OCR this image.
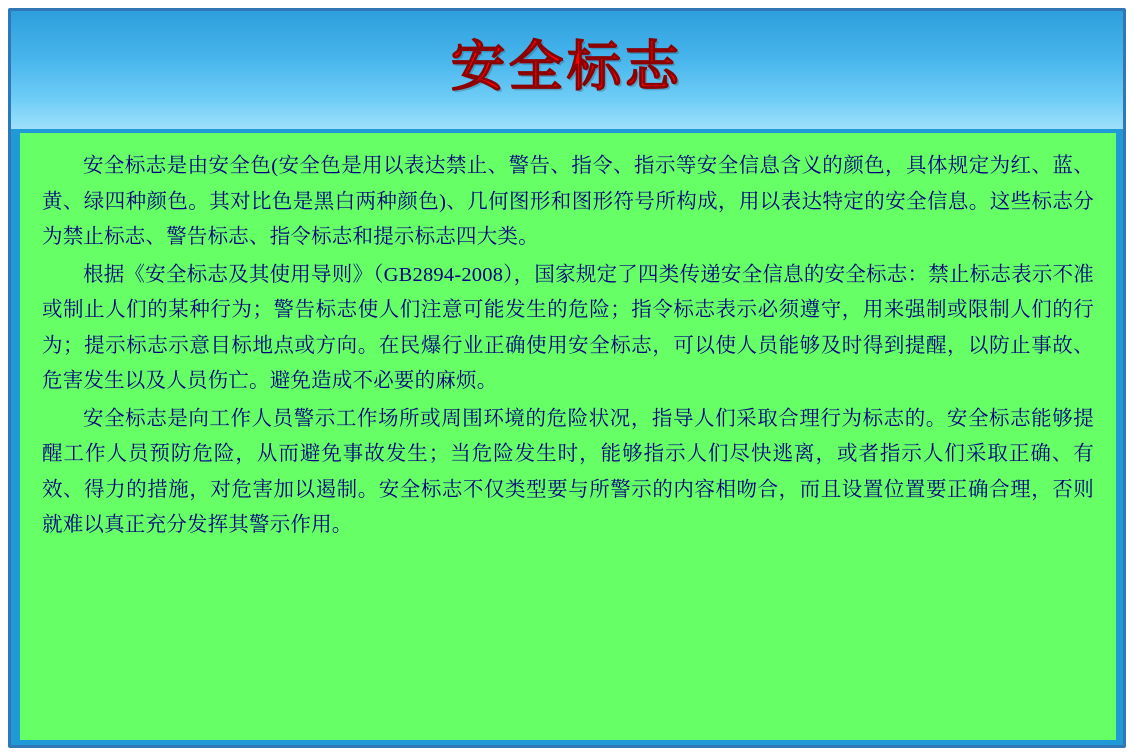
安全标志

安全标志是由安全色(安全色是用以表达禁止、警告、指令、指示等安全信息含义的颜色，具体规定为红、蓝、黄、绿四种颜色。其对比色是黑白两种颜色)、几何图形和图形符号所构成，用以表达特定的安全信息。这些标志分为禁止标志、警告标志、指令标志和提示标志四大类。

根据《安全标志及其使用导则》（GB2894-2008），国家规定了四类传递安全信息的安全标志：禁止标志表示不准或制止人们的某种行为；警告标志使人们注意可能发生的危险；指令标志表示必须遵守，用来强制或限制人们的行为；提示标志示意目标地点或方向。在民爆行业正确使用安全标志，可以使人员能够及时得到提醒，以防止事故、危害发生以及人员伤亡。避免造成不必要的麻烦。

安全标志是向工作人员警示工作场所或周围环境的危险状况，指导人们采取合理行为标志的。安全标志能够提醒工作人员预防危险，从而避免事故发生；当危险发生时，能够指示人们尽快逃离，或者指示人们采取正确、有效、得力的措施，对危害加以遏制。安全标志不仅类型要与所警示的内容相吻合，而且设置位置要正确合理，否则就难以真正充分发挥其警示作用。
